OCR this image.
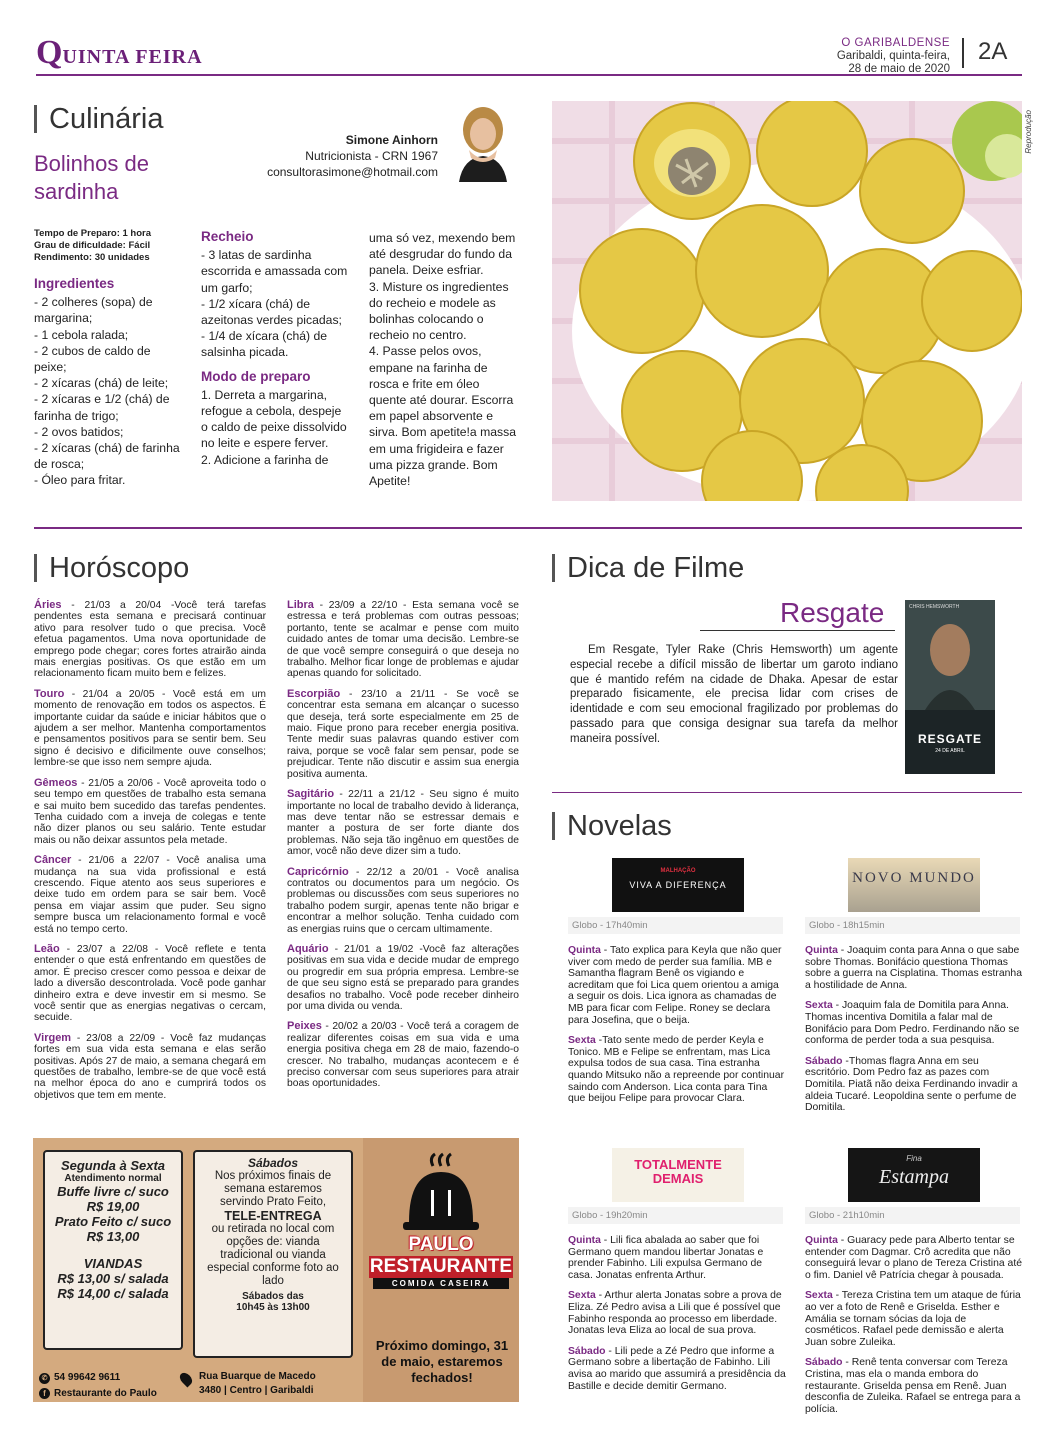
QUINTA FEIRA
O GARIBALDENSE
Garibaldi, quinta-feira,
28 de maio de 2020
2A
Culinária
Bolinhos de sardinha
Simone Ainhorn
Nutricionista - CRN 1967
consultorasimone@hotmail.com
Tempo de Preparo: 1 hora
Grau de dificuldade: Fácil
Rendimento: 30 unidades
Ingredientes
- 2 colheres (sopa) de margarina;
- 1 cebola ralada;
- 2 cubos de caldo de peixe;
- 2 xícaras (chá) de leite;
- 2 xícaras e 1/2 (chá) de farinha de trigo;
- 2 ovos batidos;
- 2 xícaras (chá) de farinha de rosca;
- Óleo para fritar.
Recheio
- 3 latas de sardinha escorrida e amassada com um garfo;
- 1/2 xícara (chá) de azeitonas verdes picadas;
- 1/4 de xícara (chá) de salsinha picada.
Modo de preparo
1. Derreta a margarina, refogue a cebola, despeje o caldo de peixe dissolvido no leite e espere ferver.
2. Adicione a farinha de
uma só vez, mexendo bem até desgrudar do fundo da panela. Deixe esfriar.
3. Misture os ingredientes do recheio e modele as bolinhas colocando o recheio no centro.
4. Passe pelos ovos, empane na farinha de rosca e frite em óleo quente até dourar. Escorra em papel absorvente e sirva. Bom apetite!a massa em uma frigideira e fazer uma pizza grande. Bom Apetite!
Reprodução
Horóscopo

Áries - 21/03 a 20/04 -Você terá tarefas pendentes esta semana e precisará continuar ativo para resolver tudo o que precisa. Você efetua pagamentos. Uma nova oportunidade de emprego pode chegar; cores fortes atrairão ainda mais energias positivas. Os que estão em um relacionamento ficam muito bem e felizes.

Touro - 21/04 a 20/05 - Você está em um momento de renovação em todos os aspectos. É importante cuidar da saúde e iniciar hábitos que o ajudem a ser melhor. Mantenha comportamentos e pensamentos positivos para se sentir bem. Seu signo é decisivo e dificilmente ouve conselhos; lembre-se que isso nem sempre ajuda.

Gêmeos - 21/05 a 20/06 - Você aproveita todo o seu tempo em questões de trabalho esta semana e sai muito bem sucedido das tarefas pendentes. Tenha cuidado com a inveja de colegas e tente não dizer planos ou seu salário. Tente estudar mais ou não deixar assuntos pela metade.

Câncer - 21/06 a 22/07 - Você analisa uma mudança na sua vida profissional e está crescendo. Fique atento aos seus superiores e deixe tudo em ordem para se sair bem. Você pensa em viajar assim que puder. Seu signo sempre busca um relacionamento formal e você está no tempo certo.

Leão - 23/07 a 22/08 - Você reflete e tenta entender o que está enfrentando em questões de amor. É preciso crescer como pessoa e deixar de lado a diversão descontrolada. Você pode ganhar dinheiro extra e deve investir em si mesmo. Se você sentir que as energias negativas o cercam, secuide.

Virgem - 23/08 a 22/09 - Você faz mudanças fortes em sua vida esta semana e elas serão positivas. Após 27 de maio, a semana chegará em questões de trabalho, lembre-se de que você está na melhor época do ano e cumprirá todos os objetivos que tem em mente.

Libra - 23/09 a 22/10 - Esta semana você se estressa e terá problemas com outras pessoas; portanto, tente se acalmar e pense com muito cuidado antes de tomar uma decisão. Lembre-se de que você sempre conseguirá o que deseja no trabalho. Melhor ficar longe de problemas e ajudar apenas quando for solicitado.

Escorpião - 23/10 a 21/11 - Se você se concentrar esta semana em alcançar o sucesso que deseja, terá sorte especialmente em 25 de maio. Fique prono para receber energia positiva. Tente medir suas palavras quando estiver com raiva, porque se você falar sem pensar, pode se prejudicar. Tente não discutir e assim sua energia positiva aumenta.

Sagitário - 22/11 a 21/12 - Seu signo é muito importante no local de trabalho devido à liderança, mas deve tentar não se estressar demais e manter a postura de ser forte diante dos problemas. Não seja tão ingênuo em questões de amor, você não deve dizer sim a tudo.

Capricórnio - 22/12 a 20/01 - Você analisa contratos ou documentos para um negócio. Os problemas ou discussões com seus superiores no trabalho podem surgir, apenas tente não brigar e encontrar a melhor solução. Tenha cuidado com as energias ruins que o cercam ultimamente.

Aquário - 21/01 a 19/02 -Você faz alterações positivas em sua vida e decide mudar de emprego ou progredir em sua própria empresa. Lembre-se de que seu signo está se preparado para grandes desafios no trabalho. Você pode receber dinheiro por uma divida ou venda.

Peixes - 20/02 a 20/03 - Você terá a coragem de realizar diferentes coisas em sua vida e uma energia positiva chega em 28 de maio, fazendo-o crescer. No trabalho, mudanças acontecem e é preciso conversar com seus superiores para atrair boas oportunidades.

Dica de Filme
Resgate
Em Resgate, Tyler Rake (Chris Hemsworth) um agente especial recebe a difícil missão de libertar um garoto indiano que é mantido refém na cidade de Dhaka. Apesar de estar preparado fisicamente, ele precisa lidar com crises de identidade e com seu emocional fragilizado por problemas do passado para que consiga designar sua tarefa da melhor maneira possível.
CHRIS HEMSWORTH
RESGATE
24 DE ABRIL
Novelas
MALHAÇÃO
VIVA A DIFERENÇA
Globo - 17h40min

Quinta - Tato explica para Keyla que não quer viver com medo de perder sua família. MB e Samantha flagram Benê os vigiando e acreditam que foi Lica quem orientou a amiga a seguir os dois. Lica ignora as chamadas de MB para ficar com Felipe. Roney se declara para Josefina, que o beija.

Sexta -Tato sente medo de perder Keyla e Tonico. MB e Felipe se enfrentam, mas Lica expulsa todos de sua casa. Tina estranha quando Mitsuko não a repreende por continuar saindo com Anderson. Lica conta para Tina que beijou Felipe para provocar Clara.

NOVO MUNDO
Globo - 18h15min

Quinta - Joaquim conta para Anna o que sabe sobre Thomas. Bonifácio questiona Thomas sobre a guerra na Cisplatina. Thomas estranha a hostilidade de Anna.

Sexta - Joaquim fala de Domitila para Anna. Thomas incentiva Domitila a falar mal de Bonifácio para Dom Pedro. Ferdinando não se conforma de perder toda a sua pesquisa.

Sábado -Thomas flagra Anna em seu escritório. Dom Pedro faz as pazes com Domitila. Piatã não deixa Ferdinando invadir a aldeia Tucaré. Leopoldina sente o perfume de Domitila.

TOTALMENTE DEMAIS
Globo - 19h20min

Quinta - Lili fica abalada ao saber que foi Germano quem mandou libertar Jonatas e prender Fabinho. Lili expulsa Germano de casa. Jonatas enfrenta Arthur.

Sexta - Arthur alerta Jonatas sobre a prova de Eliza. Zé Pedro avisa a Lili que é possível que Fabinho responda ao processo em liberdade. Jonatas leva Eliza ao local de sua prova.

Sábado - Lili pede a Zé Pedro que informe a Germano sobre a libertação de Fabinho. Lili avisa ao marido que assumirá a presidência da Bastille e decide demitir Germano.

Fina
Estampa
Globo - 21h10min

Quinta - Guaracy pede para Alberto tentar se entender com Dagmar. Crô acredita que não conseguirá levar o plano de Tereza Cristina até o fim. Daniel vê Patrícia chegar à pousada.

Sexta - Tereza Cristina tem um ataque de fúria ao ver a foto de Renê e Griselda. Esther e Amália se tornam sócias da loja de cosméticos. Rafael pede demissão e alerta Juan sobre Zuleika.

Sábado - Renê tenta conversar com Tereza Cristina, mas ela o manda embora do restaurante. Griselda pensa em Renê. Juan desconfia de Zuleika. Rafael se entrega para a polícia.

Segunda à Sexta
Atendimento normal
Buffe livre c/ suco
R$ 19,00
Prato Feito c/ suco
R$ 13,00
VIANDAS
R$ 13,00 s/ salada
R$ 14,00 c/ salada
Sábados
Nos próximos finais de semana estaremos servindo Prato Feito,
TELE-ENTREGA
ou retirada no local com opções de: vianda tradicional ou vianda especial conforme foto ao lado
Sábados das
10h45 às 13h00
PAULO
RESTAURANTE
COMIDA CASEIRA
Próximo domingo, 31 de maio, estaremos fechados!
✆ 54 99642 9611
f Restaurante do Paulo
Rua Buarque de Macedo
3480 | Centro | Garibaldi
